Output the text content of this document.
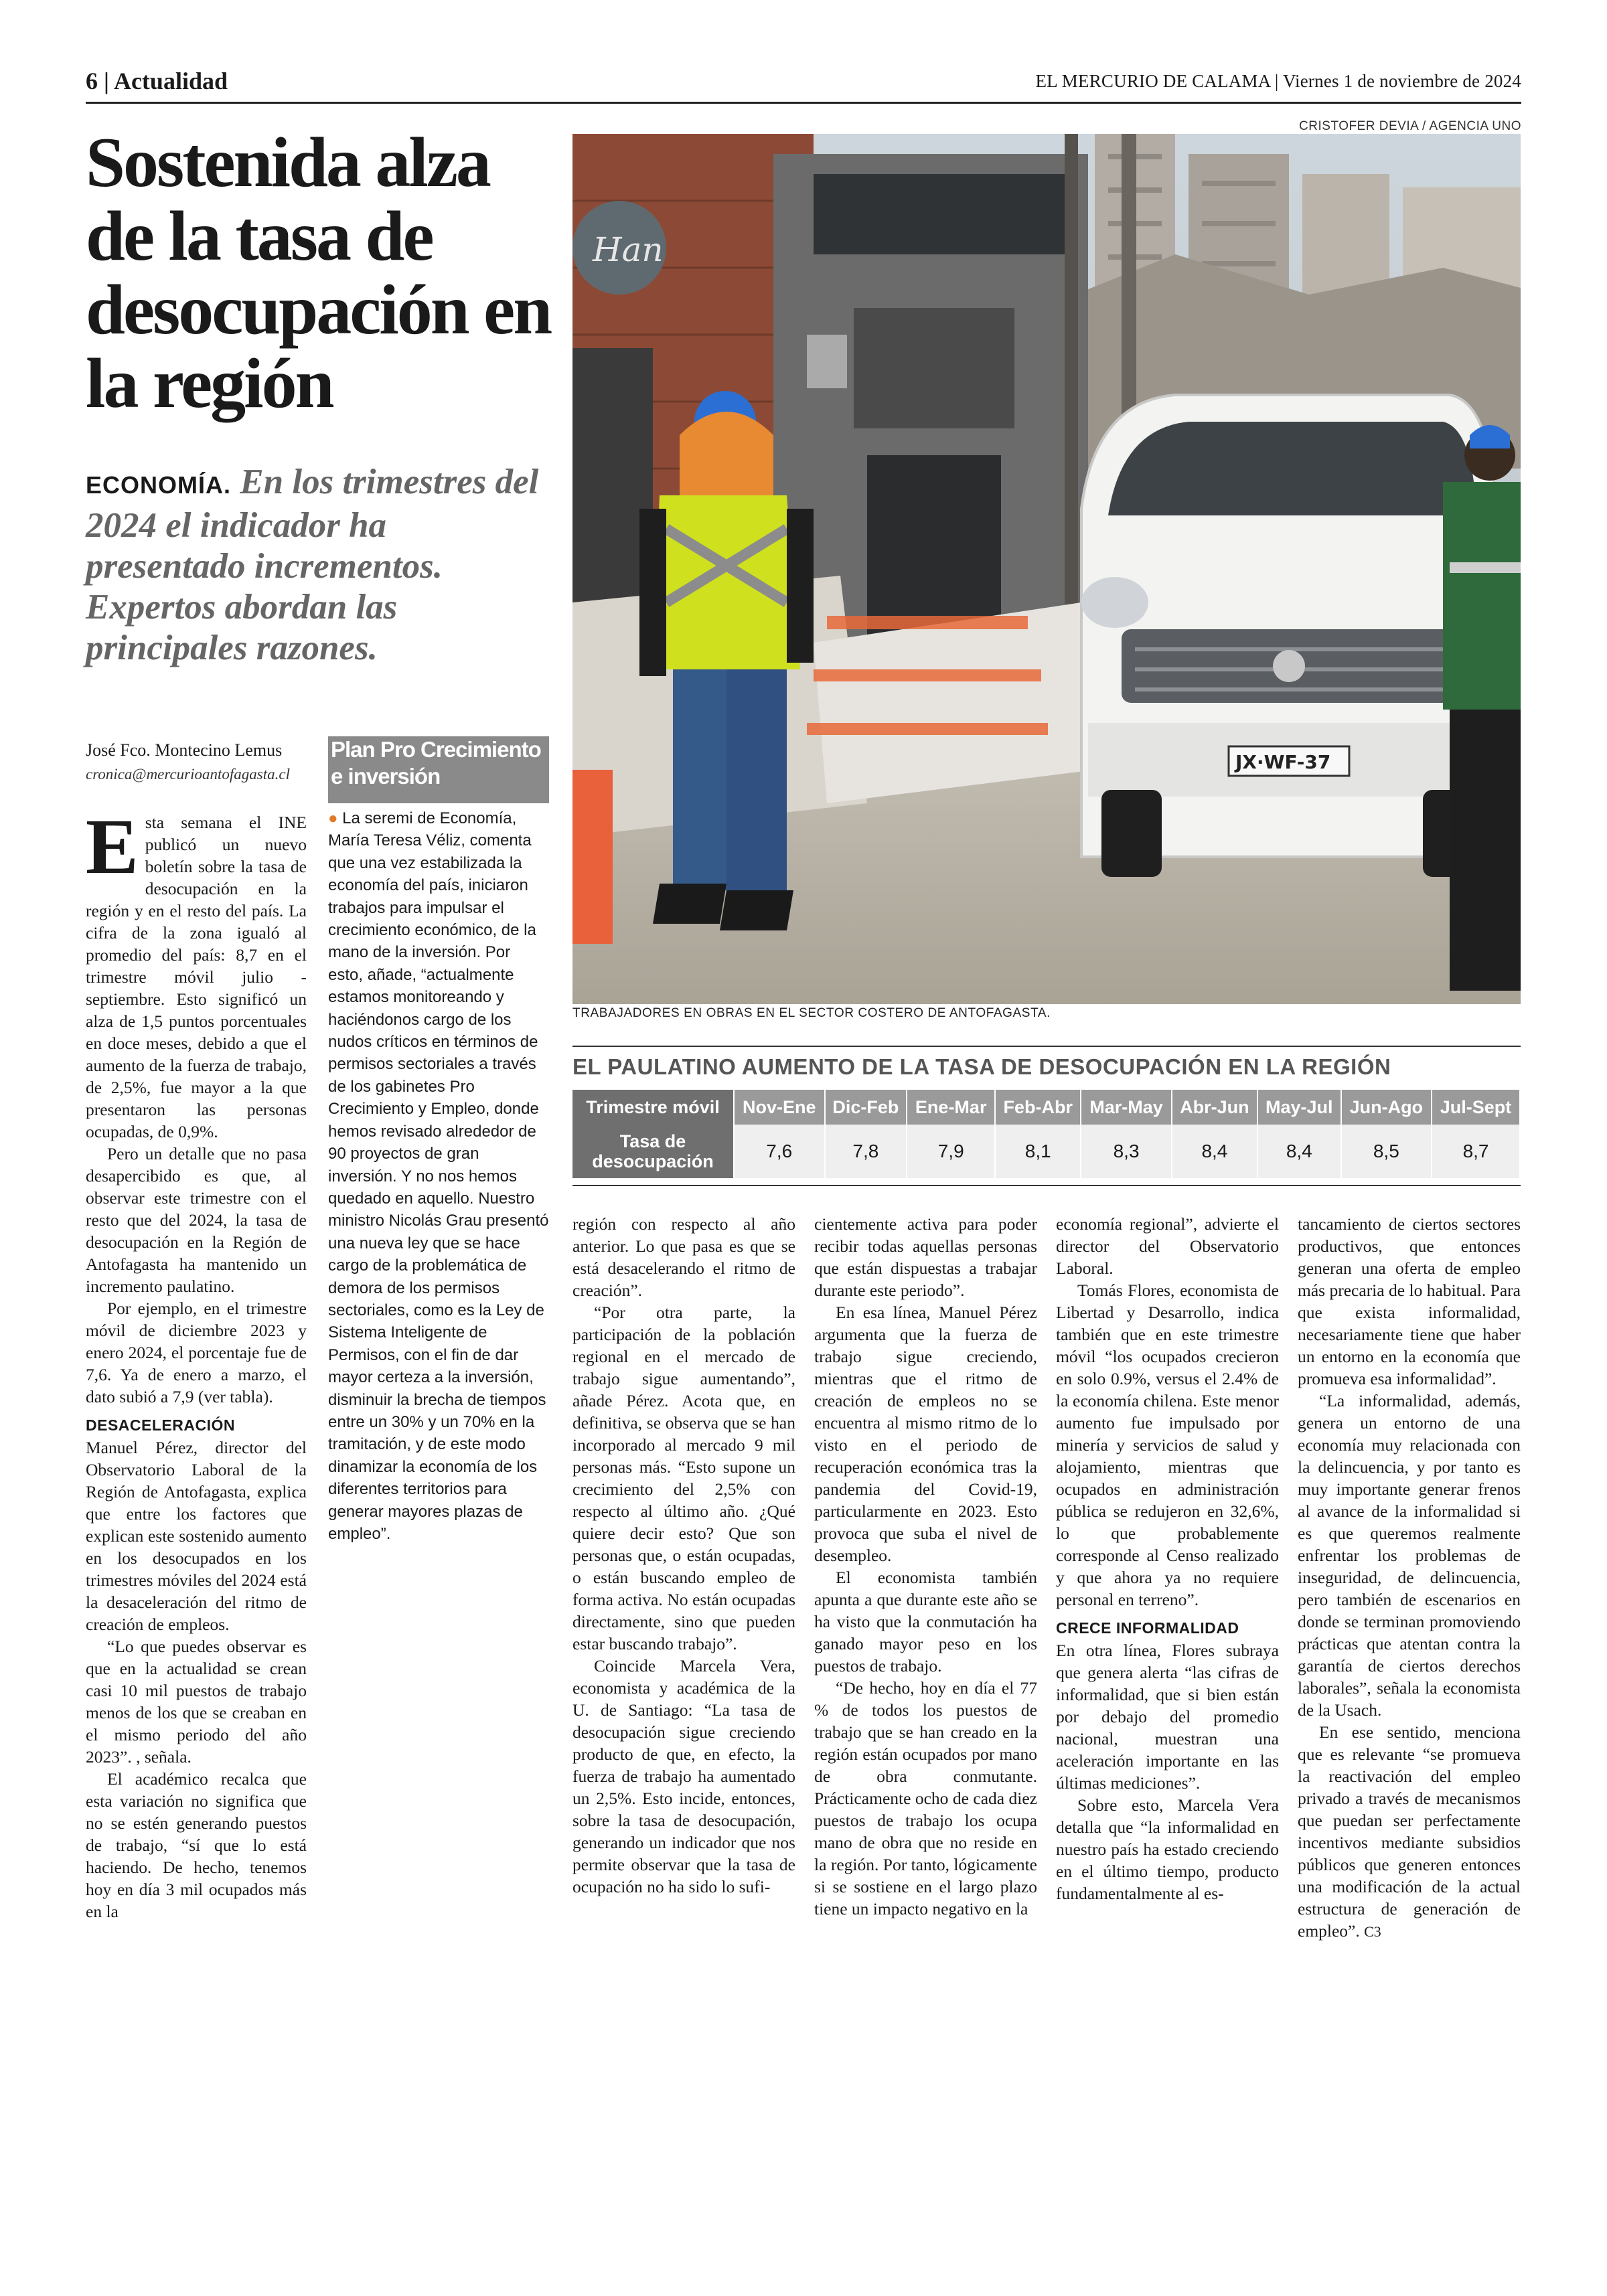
6 | Actualidad	EL MERCURIO DE CALAMA | Viernes 1 de noviembre de 2024
CRISTOFER DEVIA / AGENCIA UNO
Sostenida alza de la tasa de desocupación en la región
ECONOMÍA. En los trimestres del 2024 el indicador ha presentado incrementos. Expertos abordan las principales razones.
José Fco. Montecino Lemus
cronica@mercurioantofagasta.cl

Esta semana el INE publicó un nuevo boletín sobre la tasa de desocupación en la región y en el resto del país. La cifra de la zona igualó al promedio del país: 8,7 en el trimestre móvil julio - septiembre. Esto significó un alza de 1,5 puntos porcentuales en doce meses, debido a que el aumento de la fuerza de trabajo, de 2,5%, fue mayor a la que presentaron las personas ocupadas, de 0,9%.

Pero un detalle que no pasa desapercibido es que, al observar este trimestre con el resto que del 2024, la tasa de desocupación en la Región de Antofagasta ha mantenido un incremento paulatino.

Por ejemplo, en el trimestre móvil de diciembre 2023 y enero 2024, el porcentaje fue de 7,6. Ya de enero a marzo, el dato subió a 7,9 (ver tabla).

DESACELERACIÓN

Manuel Pérez, director del Observatorio Laboral de la Región de Antofagasta, explica que entre los factores que explican este sostenido aumento en los desocupados en los trimestres móviles del 2024 está la desaceleración del ritmo de creación de empleos.

“Lo que puedes observar es que en la actualidad se crean casi 10 mil puestos de trabajo menos de los que se creaban en el mismo periodo del año 2023”. , señala.

El académico recalca que esta variación no significa que no se estén generando puestos de trabajo, “sí que lo está haciendo. De hecho, tenemos hoy en día 3 mil ocupados más en la

Plan Pro Crecimiento e inversión
● La seremi de Economía, María Teresa Véliz, comenta que una vez estabilizada la economía del país, iniciaron trabajos para impulsar el crecimiento económico, de la mano de la inversión. Por esto, añade, “actualmente estamos monitoreando y haciéndonos cargo de los nudos críticos en términos de permisos sectoriales a través de los gabinetes Pro Crecimiento y Empleo, donde hemos revisado alrededor de 90 proyectos de gran inversión. Y no nos hemos quedado en aquello. Nuestro ministro Nicolás Grau presentó una nueva ley que se hace cargo de la problemática de demora de los permisos sectoriales, como es la Ley de Sistema Inteligente de Permisos, con el fin de dar mayor certeza a la inversión, disminuir la brecha de tiempos entre un 30% y un 70% en la tramitación, y de este modo dinamizar la economía de los diferentes territorios para generar mayores plazas de empleo”.
Han
JX·WF-37
TRABAJADORES EN OBRAS EN EL SECTOR COSTERO DE ANTOFAGASTA.
EL PAULATINO AUMENTO DE LA TASA DE DESOCUPACIÓN EN LA REGIÓN
Trimestre móvil	Nov-Ene	Dic-Feb	Ene-Mar	Feb-Abr	Mar-May	Abr-Jun	May-Jul	Jun-Ago	Jul-Sept
Tasa de desocupación	7,6	7,8	7,9	8,1	8,3	8,4	8,4	8,5	8,7

región con respecto al año anterior. Lo que pasa es que se está desacelerando el ritmo de creación”.

“Por otra parte, la participación de la población regional en el mercado de trabajo sigue aumentando”, añade Pérez. Acota que, en definitiva, se observa que se han incorporado al mercado 9 mil personas más. “Esto supone un crecimiento del 2,5% con respecto al último año. ¿Qué quiere decir esto? Que son personas que, o están ocupadas, o están buscando empleo de forma activa. No están ocupadas directamente, sino que pueden estar buscando trabajo”.

Coincide Marcela Vera, economista y académica de la U. de Santiago: “La tasa de desocupación sigue creciendo producto de que, en efecto, la fuerza de trabajo ha aumentado un 2,5%. Esto incide, entonces, sobre la tasa de desocupación, generando un indicador que nos permite observar que la tasa de ocupación no ha sido lo sufi-

cientemente activa para poder recibir todas aquellas personas que están dispuestas a trabajar durante este periodo”.

En esa línea, Manuel Pérez argumenta que la fuerza de trabajo sigue creciendo, mientras que el ritmo de creación de empleos no se encuentra al mismo ritmo de lo visto en el periodo de recuperación económica tras la pandemia del Covid-19, particularmente en 2023. Esto provoca que suba el nivel de desempleo.

El economista también apunta a que durante este año se ha visto que la conmutación ha ganado mayor peso en los puestos de trabajo.

“De hecho, hoy en día el 77 % de todos los puestos de trabajo que se han creado en la región están ocupados por mano de obra conmutante. Prácticamente ocho de cada diez puestos de trabajo los ocupa mano de obra que no reside en la región. Por tanto, lógicamente si se sostiene en el largo plazo tiene un impacto negativo en la

economía regional”, advierte el director del Observatorio Laboral.

Tomás Flores, economista de Libertad y Desarrollo, indica también que en este trimestre móvil “los ocupados crecieron en solo 0.9%, versus el 2.4% de la economía chilena. Este menor aumento fue impulsado por minería y servicios de salud y alojamiento, mientras que ocupados en administración pública se redujeron en 32,6%, lo que probablemente corresponde al Censo realizado y que ahora ya no requiere personal en terreno”.

CRECE INFORMALIDAD

En otra línea, Flores subraya que genera alerta “las cifras de informalidad, que si bien están por debajo del promedio nacional, muestran una aceleración importante en las últimas mediciones”.

Sobre esto, Marcela Vera detalla que “la informalidad en nuestro país ha estado creciendo en el último tiempo, producto fundamentalmente al es-

tancamiento de ciertos sectores productivos, que entonces generan una oferta de empleo más precaria de lo habitual. Para que exista informalidad, necesariamente tiene que haber un entorno en la economía que promueva esa informalidad”.

“La informalidad, además, genera un entorno de una economía muy relacionada con la delincuencia, y por tanto es muy importante generar frenos al avance de la informalidad si es que queremos realmente enfrentar los problemas de inseguridad, de delincuencia, pero también de escenarios en donde se terminan promoviendo prácticas que atentan contra la garantía de ciertos derechos laborales”, señala la economista de la Usach.

En ese sentido, menciona que es relevante “se promueva la reactivación del empleo privado a través de mecanismos que puedan ser perfectamente incentivos mediante subsidios públicos que generen entonces una modificación de la actual estructura de generación de empleo”. C3
